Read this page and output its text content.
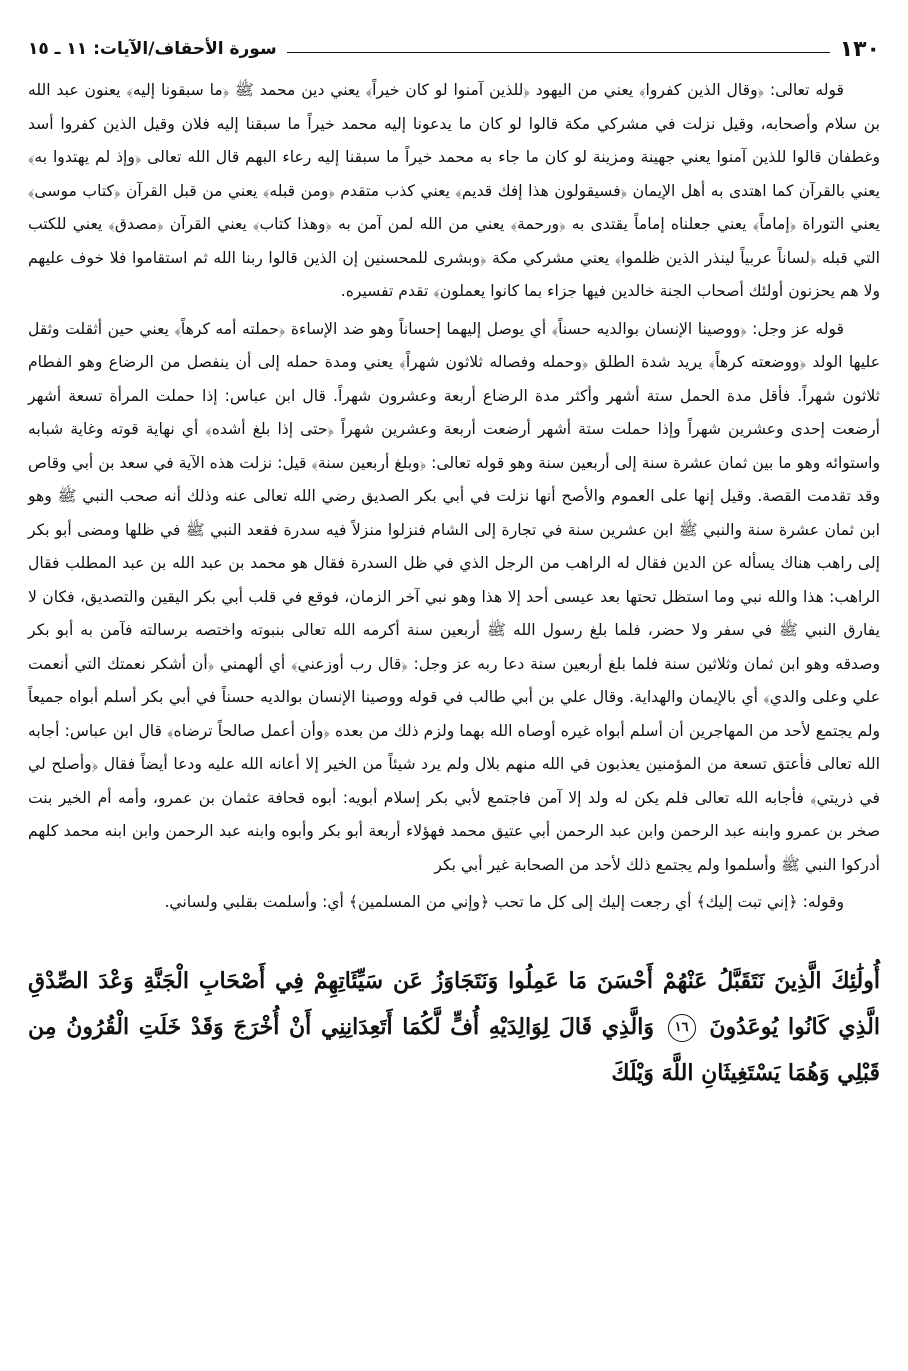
١٣٠
سورة الأحقاف/الآيات: ١١ ـ ١٥

قوله تعالى: ﴿وقال الذين كفروا﴾ يعني من اليهود ﴿للذين آمنوا لو كان خيراً﴾ يعني دين محمد ﷺ ﴿ما سبقونا إليه﴾ يعنون عبد الله بن سلام وأصحابه، وقيل نزلت في مشركي مكة قالوا لو كان ما يدعونا إليه محمد خيراً ما سبقنا إليه فلان وقيل الذين كفروا أسد وغطفان قالوا للذين آمنوا يعني جهينة ومزينة لو كان ما جاء به محمد خيراً ما سبقنا إليه رعاء البهم قال الله تعالى ﴿وإذ لم يهتدوا به﴾ يعني بالقرآن كما اهتدى به أهل الإيمان ﴿فسيقولون هذا إفك قديم﴾ يعني كذب متقدم ﴿ومن قبله﴾ يعني من قبل القرآن ﴿كتاب موسى﴾ يعني التوراة ﴿إماماً﴾ يعني جعلناه إماماً يقتدى به ﴿ورحمة﴾ يعني من الله لمن آمن به ﴿وهذا كتاب﴾ يعني القرآن ﴿مصدق﴾ يعني للكتب التي قبله ﴿لساناً عربياً لينذر الذين ظلموا﴾ يعني مشركي مكة ﴿وبشرى للمحسنين إن الذين قالوا ربنا الله ثم استقاموا فلا خوف عليهم ولا هم يحزنون أولئك أصحاب الجنة خالدين فيها جزاء بما كانوا يعملون﴾ تقدم تفسيره.

قوله عز وجل: ﴿ووصينا الإنسان بوالديه حسناً﴾ أي يوصل إليهما إحساناً وهو ضد الإساءة ﴿حملته أمه كرهاً﴾ يعني حين أثقلت وثقل عليها الولد ﴿ووضعته كرهاً﴾ يريد شدة الطلق ﴿وحمله وفصاله ثلاثون شهراً﴾ يعني ومدة حمله إلى أن ينفصل من الرضاع وهو الفطام ثلاثون شهراً. فأقل مدة الحمل ستة أشهر وأكثر مدة الرضاع أربعة وعشرون شهراً. قال ابن عباس: إذا حملت المرأة تسعة أشهر أرضعت إحدى وعشرين شهراً وإذا حملت ستة أشهر أرضعت أربعة وعشرين شهراً ﴿حتى إذا بلغ أشده﴾ أي نهاية قوته وغاية شبابه واستوائه وهو ما بين ثمان عشرة سنة إلى أربعين سنة وهو قوله تعالى: ﴿وبلغ أربعين سنة﴾ قيل: نزلت هذه الآية في سعد بن أبي وقاص وقد تقدمت القصة. وقيل إنها على العموم والأصح أنها نزلت في أبي بكر الصديق رضي الله تعالى عنه وذلك أنه صحب النبي ﷺ وهو ابن ثمان عشرة سنة والنبي ﷺ ابن عشرين سنة في تجارة إلى الشام فنزلوا منزلاً فيه سدرة فقعد النبي ﷺ في ظلها ومضى أبو بكر إلى راهب هناك يسأله عن الدين فقال له الراهب من الرجل الذي في ظل السدرة فقال هو محمد بن عبد الله بن عبد المطلب فقال الراهب: هذا والله نبي وما استظل تحتها بعد عيسى أحد إلا هذا وهو نبي آخر الزمان، فوقع في قلب أبي بكر اليقين والتصديق، فكان لا يفارق النبي ﷺ في سفر ولا حضر، فلما بلغ رسول الله ﷺ أربعين سنة أكرمه الله تعالى بنبوته واختصه برسالته فآمن به أبو بكر وصدقه وهو ابن ثمان وثلاثين سنة فلما بلغ أربعين سنة دعا ربه عز وجل: ﴿قال رب أوزعني﴾ أي ألهمني ﴿أن أشكر نعمتك التي أنعمت علي وعلى والدي﴾ أي بالإيمان والهداية. وقال علي بن أبي طالب في قوله ووصينا الإنسان بوالديه حسناً في أبي بكر أسلم أبواه جميعاً ولم يجتمع لأحد من المهاجرين أن أسلم أبواه غيره أوصاه الله بهما ولزم ذلك من بعده ﴿وأن أعمل صالحاً ترضاه﴾ قال ابن عباس: أجابه الله تعالى فأعتق تسعة من المؤمنين يعذبون في الله منهم بلال ولم يرد شيئاً من الخير إلا أعانه الله عليه ودعا أيضاً فقال ﴿وأصلح لي في ذريتي﴾ فأجابه الله تعالى فلم يكن له ولد إلا آمن فاجتمع لأبي بكر إسلام أبويه: أبوه قحافة عثمان بن عمرو، وأمه أم الخير بنت صخر بن عمرو وابنه عبد الرحمن وابن عبد الرحمن أبي عتيق محمد فهؤلاء أربعة أبو بكر وأبوه وابنه عبد الرحمن وابن ابنه محمد كلهم أدركوا النبي ﷺ وأسلموا ولم يجتمع ذلك لأحد من الصحابة غير أبي بكر

وقوله: ﴿إني تبت إليك﴾ أي رجعت إليك إلى كل ما تحب ﴿وإني من المسلمين﴾ أي: وأسلمت بقلبي ولساني.

أُولَٰئِكَ الَّذِينَ نَتَقَبَّلُ عَنْهُمْ أَحْسَنَ مَا عَمِلُوا وَنَتَجَاوَزُ عَن سَيِّئَاتِهِمْ فِي أَصْحَابِ الْجَنَّةِ وَعْدَ الصِّدْقِ الَّذِي كَانُوا يُوعَدُونَ ١٦ وَالَّذِي قَالَ لِوَالِدَيْهِ أُفٍّ لَّكُمَا أَتَعِدَانِنِي أَنْ أُخْرَجَ وَقَدْ خَلَتِ الْقُرُونُ مِن قَبْلِي وَهُمَا يَسْتَغِيثَانِ اللَّهَ وَيْلَكَ
